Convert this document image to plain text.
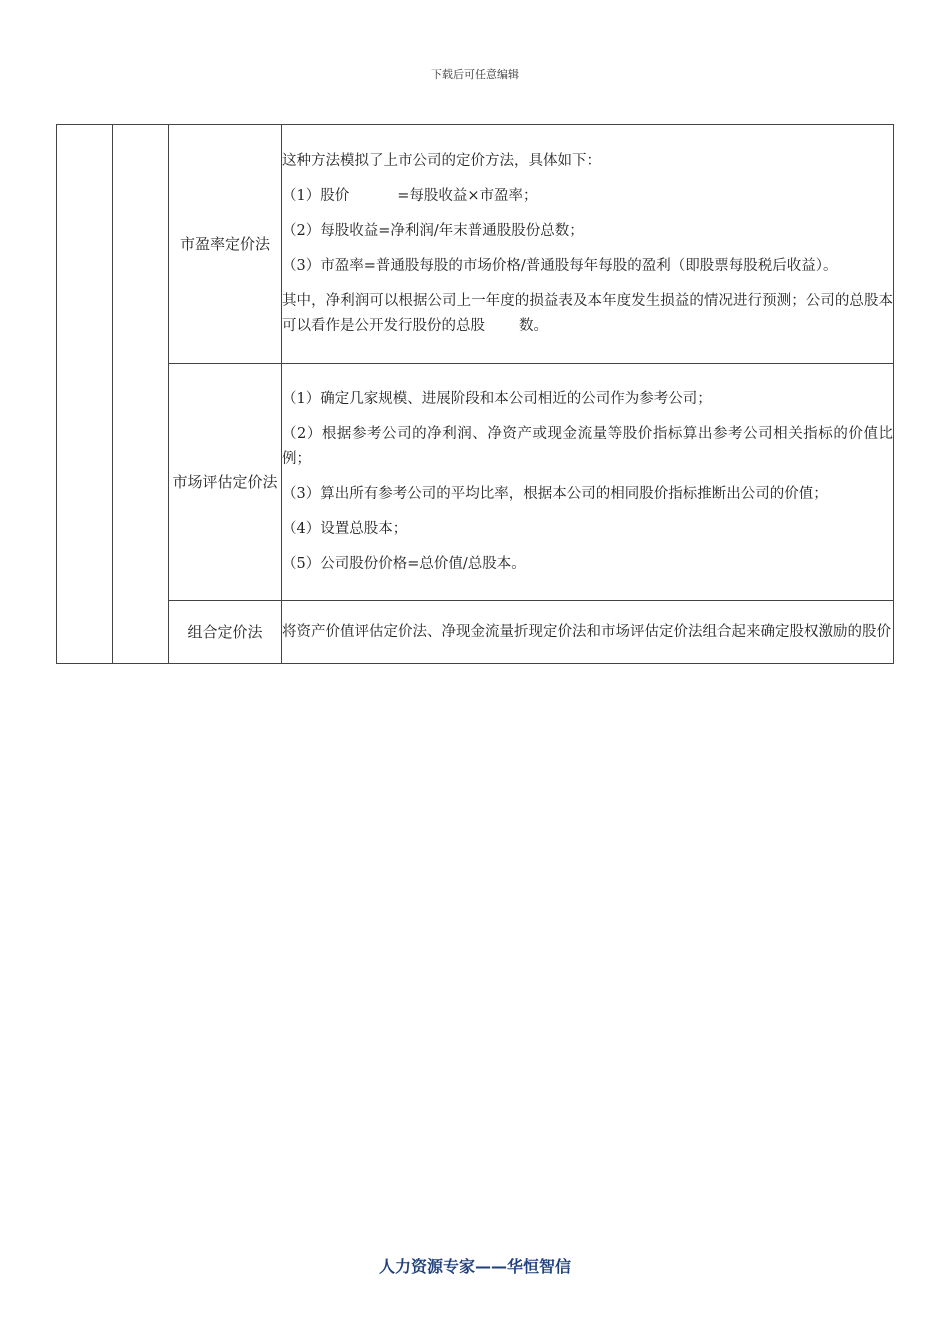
下载后可任意编辑
		市盈率定价法	这种方法模拟了上市公司的定价方法，具体如下：

（1）股价 =每股收益×市盈率；

（2）每股收益=净利润/年末普通股股份总数；

（3）市盈率=普通股每股的市场价格/普通股每年每股的盈利（即股票每股税后收益）。

其中，净利润可以根据公司上一年度的损益表及本年度发生损益的情况进行预测；公司的总股本可以看作是公开发行股份的总股 数。

		市场评估定价法	（1）确定几家规模、进展阶段和本公司相近的公司作为参考公司；

（2）根据参考公司的净利润、净资产或现金流量等股价指标算出参考公司相关指标的价值比例；

（3）算出所有参考公司的平均比率，根据本公司的相同股价指标推断出公司的价值；

（4）设置总股本；

（5）公司股份价格=总价值/总股本。

		组合定价法	将资产价值评估定价法、净现金流量折现定价法和市场评估定价法组合起来确定股权激励的股价

人力资源专家——华恒智信
